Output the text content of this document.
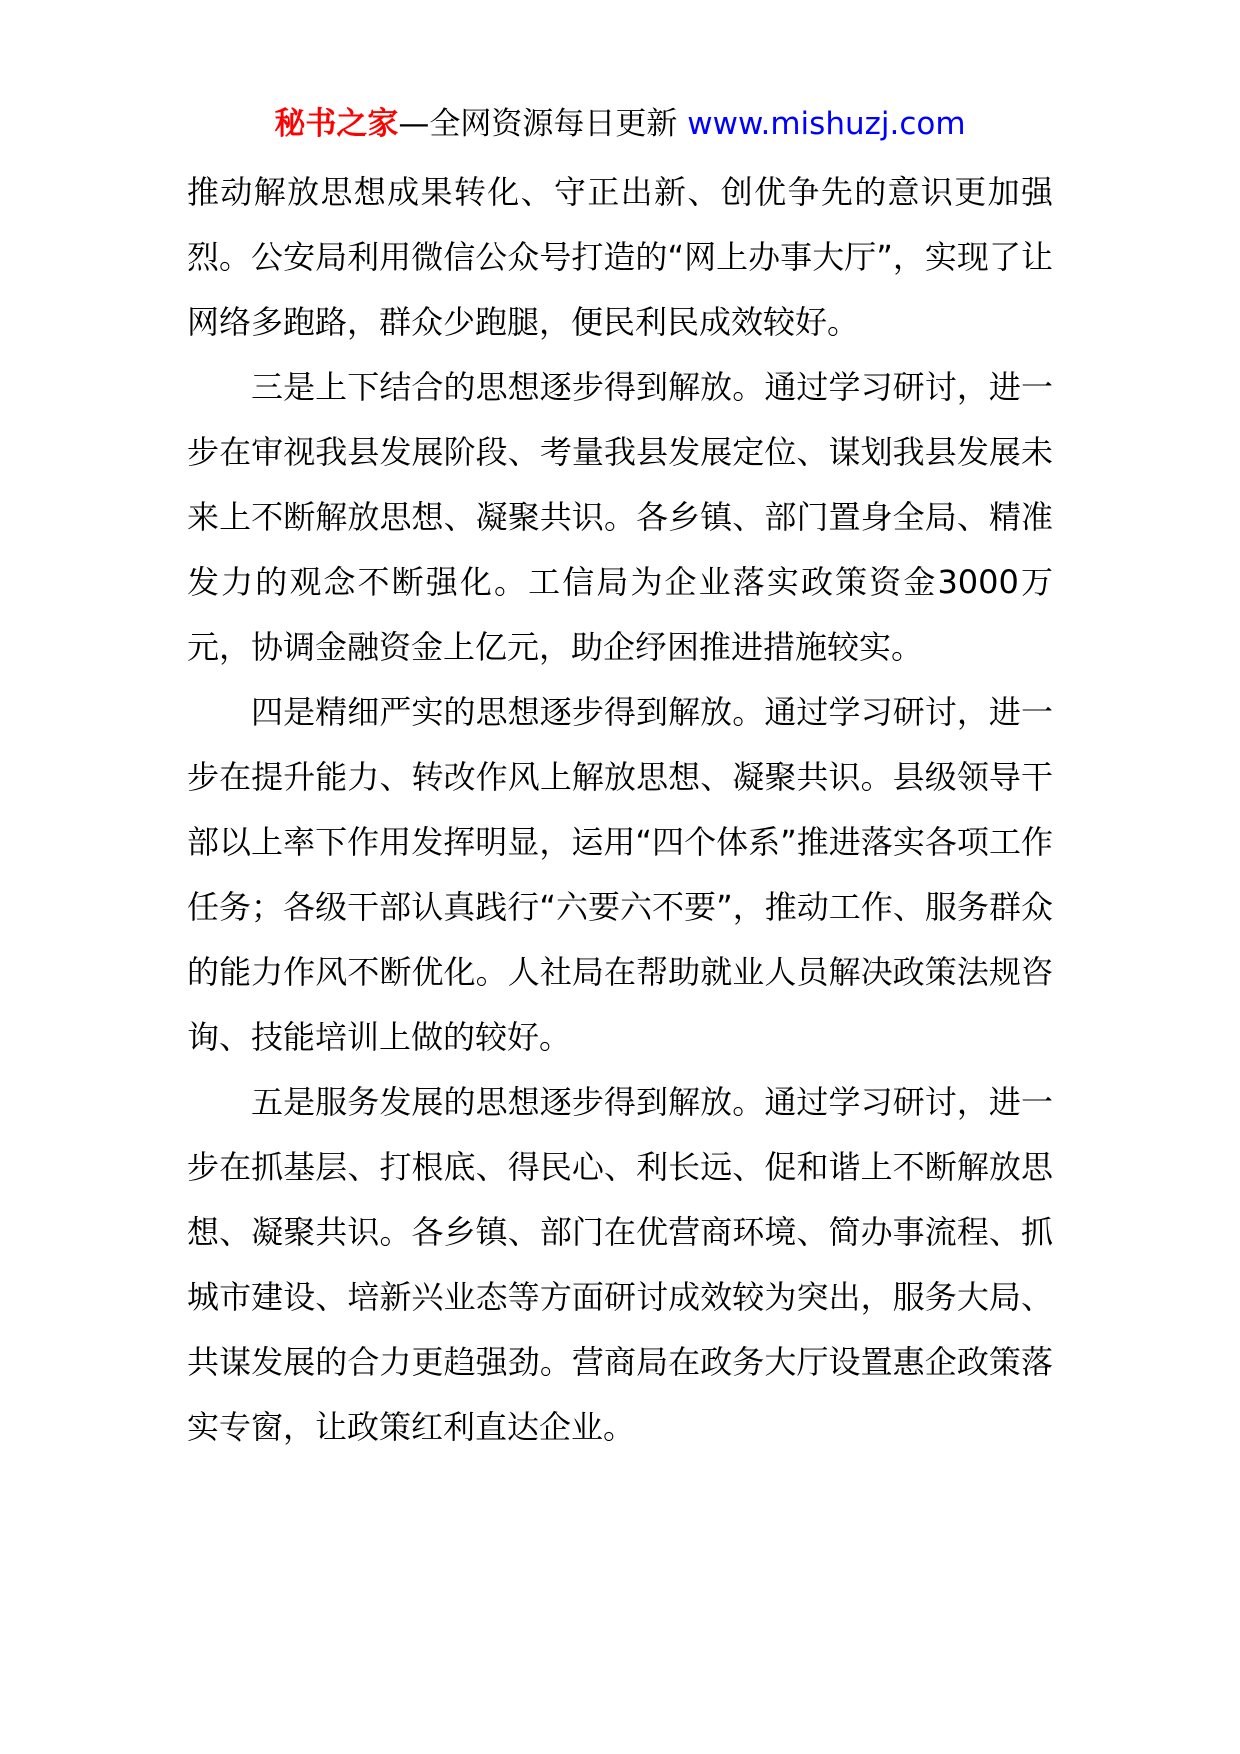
秘书之家—全网资源每日更新 www.mishuzj.com

推动解放思想成果转化、守正出新、创优争先的意识更加强烈。公安局利用微信公众号打造的“网上办事大厅”，实现了让网络多跑路，群众少跑腿，便民利民成效较好。

三是上下结合的思想逐步得到解放。通过学习研讨，进一步在审视我县发展阶段、考量我县发展定位、谋划我县发展未来上不断解放思想、凝聚共识。各乡镇、部门置身全局、精准发力的观念不断强化。工信局为企业落实政策资金3000万元，协调金融资金上亿元，助企纾困推进措施较实。

四是精细严实的思想逐步得到解放。通过学习研讨，进一步在提升能力、转改作风上解放思想、凝聚共识。县级领导干部以上率下作用发挥明显，运用“四个体系”推进落实各项工作任务；各级干部认真践行“六要六不要”，推动工作、服务群众的能力作风不断优化。人社局在帮助就业人员解决政策法规咨询、技能培训上做的较好。

五是服务发展的思想逐步得到解放。通过学习研讨，进一步在抓基层、打根底、得民心、利长远、促和谐上不断解放思想、凝聚共识。各乡镇、部门在优营商环境、简办事流程、抓城市建设、培新兴业态等方面研讨成效较为突出，服务大局、共谋发展的合力更趋强劲。营商局在政务大厅设置惠企政策落实专窗，让政策红利直达企业。
